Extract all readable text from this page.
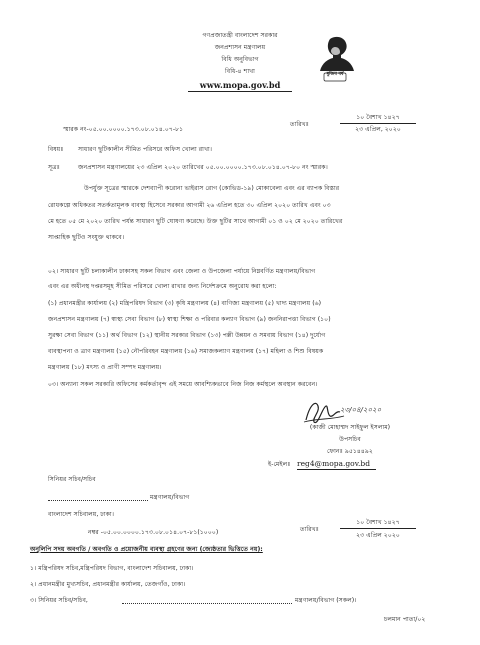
গণপ্রজাতন্ত্রী বাংলাদেশ সরকার
জনপ্রশাসন মন্ত্রণালয়
বিধি অনুবিভাগ
বিধি-৪ শাখা
www.mopa.gov.bd
মুজিব বর্ষ
স্মারক নং-০৫.০০.০০০০.১৭৩.০৮.০১৪.০৭-৮১
তারিখঃ
১০ বৈশাখ ১৪২৭
২৩ এপ্রিল, ২০২০
বিষয়ঃ সাধারণ ছুটিকালীন সীমিত পরিসরে অফিস খোলা রাখা।
সূত্রঃ	জনপ্রশাসন মন্ত্রণালয়ের ২৩ এপ্রিল ২০২০ তারিখের ০৫.০০.০০০০.১৭৩.০৮.০১৪.০৭-৮০ নং স্মারক।
উপর্যুক্ত সূত্রের স্মারকে দেশব্যাপী করোনা ভাইরাস রোগ (কোভিড-১৯) মোকাবেলা এবং এর ব্যাপক বিস্তার
রোধকল্পে অধিকতর সতর্কতামূলক ব্যবস্থা হিসেবে সরকার আগামী ২৬ এপ্রিল হতে ৩০ এপ্রিল ২০২০ তারিখ এবং ০৩
মে হতে ০৫ মে ২০২০ তারিখ পর্যন্ত সাধারণ ছুটি ঘোষণা করেছে। উক্ত ছুটির সাথে আগামী ০১ ও ০২ মে ২০২০ তারিখের
সাপ্তাহিক ছুটিও সংযুক্ত থাকবে।
০২। সাধারণ ছুটি চলাকালীন ঢাকাসহ সকল বিভাগ এবং জেলা ও উপজেলা পর্যায়ে নিম্নবর্ণিত মন্ত্রণালয়/বিভাগ
এবং এর অধীনস্থ দপ্তরসমূহ সীমিত পরিসরে খোলা রাখার জন্য নির্দেশক্রমে অনুরোধ করা হলো:
(১) প্রধানমন্ত্রীর কার্যালয় (২) মন্ত্রিপরিষদ বিভাগ (৩) কৃষি মন্ত্রণালয় (৪) বাণিজ্য মন্ত্রণালয় (৫) খাদ্য মন্ত্রণালয় (৬)
জনপ্রশাসন মন্ত্রণালয় (৭) স্বাস্থ্য সেবা বিভাগ (৮) স্বাস্থ্য শিক্ষা ও পরিবার কল্যাণ বিভাগ (৯) জননিরাপত্তা বিভাগ (১০)
সুরক্ষা সেবা বিভাগ (১১) অর্থ বিভাগ (১২) স্থানীয় সরকার বিভাগ (১৩) পল্লী উন্নয়ন ও সমবায় বিভাগ (১৪) দুর্যোগ
ব্যবস্থাপনা ও ত্রাণ মন্ত্রণালয় (১৫) নৌপরিবহন মন্ত্রণালয় (১৬) সমাজকল্যাণ মন্ত্রণালয় (১৭) মহিলা ও শিশু বিষয়ক
মন্ত্রণালয় (১৮) মৎস্য ও প্রাণী সম্পদ মন্ত্রণালয়।
০৩। অন্যান্য সকল সরকারি অফিসের কর্মকর্তাবৃন্দ এই সময়ে আবশ্যিকভাবে নিজ নিজ কর্মস্থলে অবস্থান করবেন।
২৩/০৪/২০২০
(কাজী মোহাম্মদ সাইফুল ইসলাম)
উপসচিব
ফোনঃ ৯৫১৪৪৯২
ই-মেইলঃ reg4@mopa.gov.bd
সিনিয়র সচিব/সচিব
মন্ত্রণালয়/বিভাগ
বাংলাদেশ সচিবালয়, ঢাকা।
নম্বর -০৫.০০.০০০০.১৭৩.০৮.০১৪.০৭-৮১(১০০০)	তারিখঃ
১০ বৈশাখ ১৪২৭
২৩ এপ্রিল ২০২০
অনুলিপি সদয় অবগতি / অবগতি ও প্রয়োজনীয় ব্যবস্থা গ্রহণের জন্য (জ্যেষ্ঠতার ভিত্তিতে নয়):
১। মন্ত্রিপরিষদ সচিব,মন্ত্রিপরিষদ বিভাগ, বাংলাদেশ সচিবালয়, ঢাকা।
২। প্রধানমন্ত্রীর মুখ্যসচিব, প্রধানমন্ত্রীর কার্যালয়, তেজগাঁও, ঢাকা।
৩। সিনিয়র সচিব/সচিব,	মন্ত্রণালয়/বিভাগ (সকল)।
চলমান পাতা/০২
